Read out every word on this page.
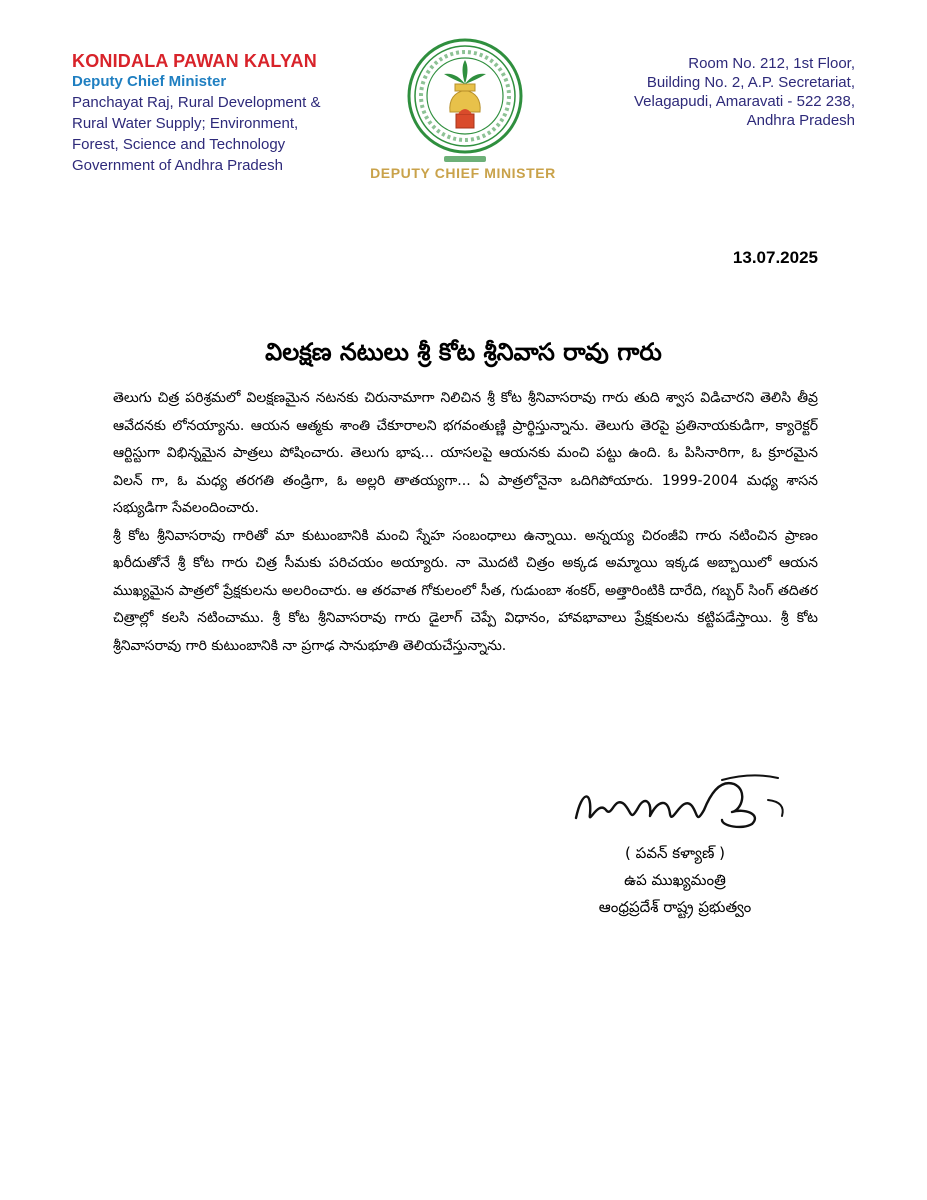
KONIDALA PAWAN KALYAN
Deputy Chief Minister
Panchayat Raj, Rural Development &
Rural Water Supply; Environment,
Forest, Science and Technology
Government of Andhra Pradesh	DEPUTY CHIEF MINISTER
Room No. 212, 1st Floor,
Building No. 2, A.P. Secretariat,
Velagapudi, Amaravati - 522 238,
Andhra Pradesh
13.07.2025
విలక్షణ నటులు శ్రీ కోట శ్రీనివాస రావు గారు

తెలుగు చిత్ర పరిశ్రమలో విలక్షణమైన నటనకు చిరునామాగా నిలిచిన శ్రీ కోట శ్రీనివాసరావు గారు తుది శ్వాస విడిచారని తెలిసి తీవ్ర ఆవేదనకు లోనయ్యాను. ఆయన ఆత్మకు శాంతి చేకూరాలని భగవంతుణ్ణి ప్రార్థిస్తున్నాను. తెలుగు తెరపై ప్రతినాయకుడిగా, క్యారెక్టర్ ఆర్టిస్టుగా విభిన్నమైన పాత్రలు పోషించారు. తెలుగు భాష... యాసలపై ఆయనకు మంచి పట్టు ఉంది. ఓ పిసినారిగా, ఓ క్రూరమైన విలన్ గా, ఓ మధ్య తరగతి తండ్రిగా, ఓ అల్లరి తాతయ్యగా... ఏ పాత్రలోనైనా ఒదిగిపోయారు. 1999-2004 మధ్య శాసన సభ్యుడిగా సేవలందించారు.

శ్రీ కోట శ్రీనివాసరావు గారితో మా కుటుంబానికి మంచి స్నేహ సంబంధాలు ఉన్నాయి. అన్నయ్య చిరంజీవి గారు నటించిన ప్రాణం ఖరీదుతోనే శ్రీ కోట గారు చిత్ర సీమకు పరిచయం అయ్యారు. నా మొదటి చిత్రం అక్కడ అమ్మాయి ఇక్కడ అబ్బాయిలో ఆయన ముఖ్యమైన పాత్రలో ప్రేక్షకులను అలరించారు. ఆ తరవాత గోకులంలో సీత, గుడుంబా శంకర్, అత్తారింటికి దారేది, గబ్బర్ సింగ్ తదితర చిత్రాల్లో కలసి నటించాము. శ్రీ కోట శ్రీనివాసరావు గారు డైలాగ్ చెప్పే విధానం, హావభావాలు ప్రేక్షకులను కట్టిపడేస్తాయి. శ్రీ కోట శ్రీనివాసరావు గారి కుటుంబానికి నా ప్రగాఢ సానుభూతి తెలియచేస్తున్నాను.

( పవన్ కళ్యాణ్ )
ఉప ముఖ్యమంత్రి
ఆంధ్రప్రదేశ్ రాష్ట్ర ప్రభుత్వం
